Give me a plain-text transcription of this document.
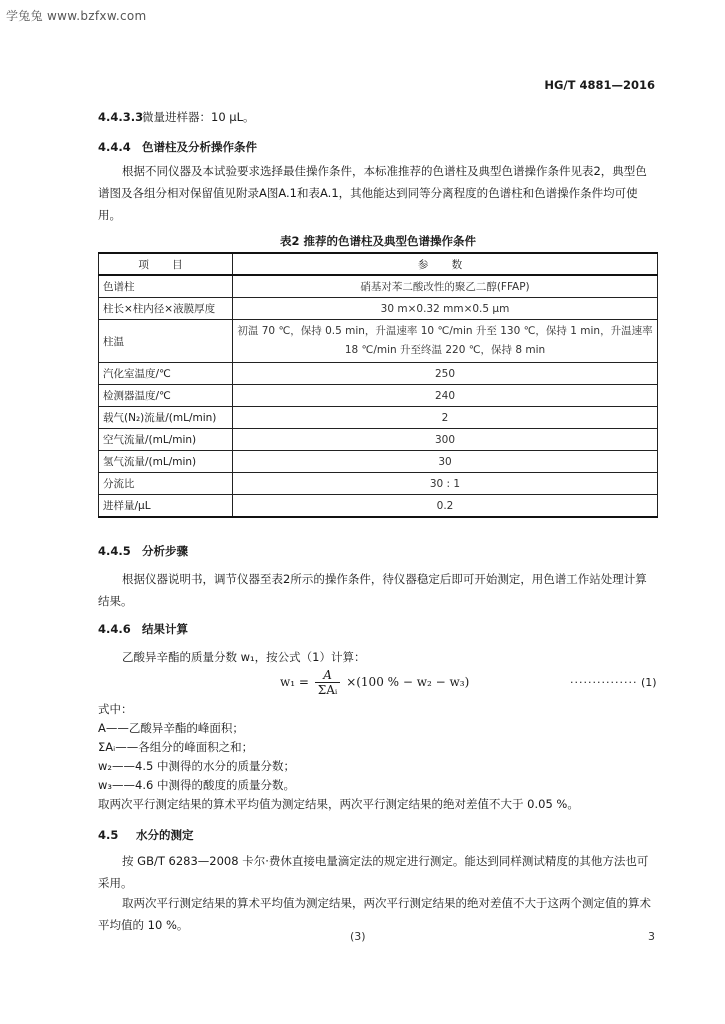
学兔兔 www.bzfxw.com
HG/T 4881—2016
4.4.3.3微量进样器：10 μL。
4.4.4 色谱柱及分析操作条件
根据不同仪器及本试验要求选择最佳操作条件，本标准推荐的色谱柱及典型色谱操作条件见表2，典型色谱图及各组分相对保留值见附录A图A.1和表A.1，其他能达到同等分离程度的色谱柱和色谱操作条件均可使用。
表2 推荐的色谱柱及典型色谱操作条件
项 目	参 数
色谱柱	硝基对苯二酸改性的聚乙二醇(FFAP)
柱长×柱内径×液膜厚度	30 m×0.32 mm×0.5 μm
柱温	初温 70 ℃，保持 0.5 min，升温速率 10 ℃/min 升至 130 ℃，保持 1 min，升温速率 18 ℃/min 升至终温 220 ℃，保持 8 min
汽化室温度/℃	250
检测器温度/℃	240
载气(N₂)流量/(mL/min)	2
空气流量/(mL/min)	300
氢气流量/(mL/min)	30
分流比	30 : 1
进样量/μL	0.2
4.4.5 分析步骤
根据仪器说明书，调节仪器至表2所示的操作条件，待仪器稳定后即可开始测定，用色谱工作站处理计算结果。
4.4.6 结果计算
乙酸异辛酯的质量分数 w₁，按公式（1）计算：
$w_1 = \frac{A}{\text{ΣAᵢ}} \times(100$ % − w₂ − w₃)	··············· (1)
式中：
A——乙酸异辛酯的峰面积；
ΣAᵢ——各组分的峰面积之和；
w₂——4.5 中测得的水分的质量分数；
w₃——4.6 中测得的酸度的质量分数。
取两次平行测定结果的算术平均值为测定结果，两次平行测定结果的绝对差值不大于 0.05 %。
4.5 水分的测定
按 GB/T 6283—2008 卡尔·费休直接电量滴定法的规定进行测定。能达到同样测试精度的其他方法也可采用。
取两次平行测定结果的算术平均值为测定结果，两次平行测定结果的绝对差值不大于这两个测定值的算术平均值的 10 %。
(3)	3
